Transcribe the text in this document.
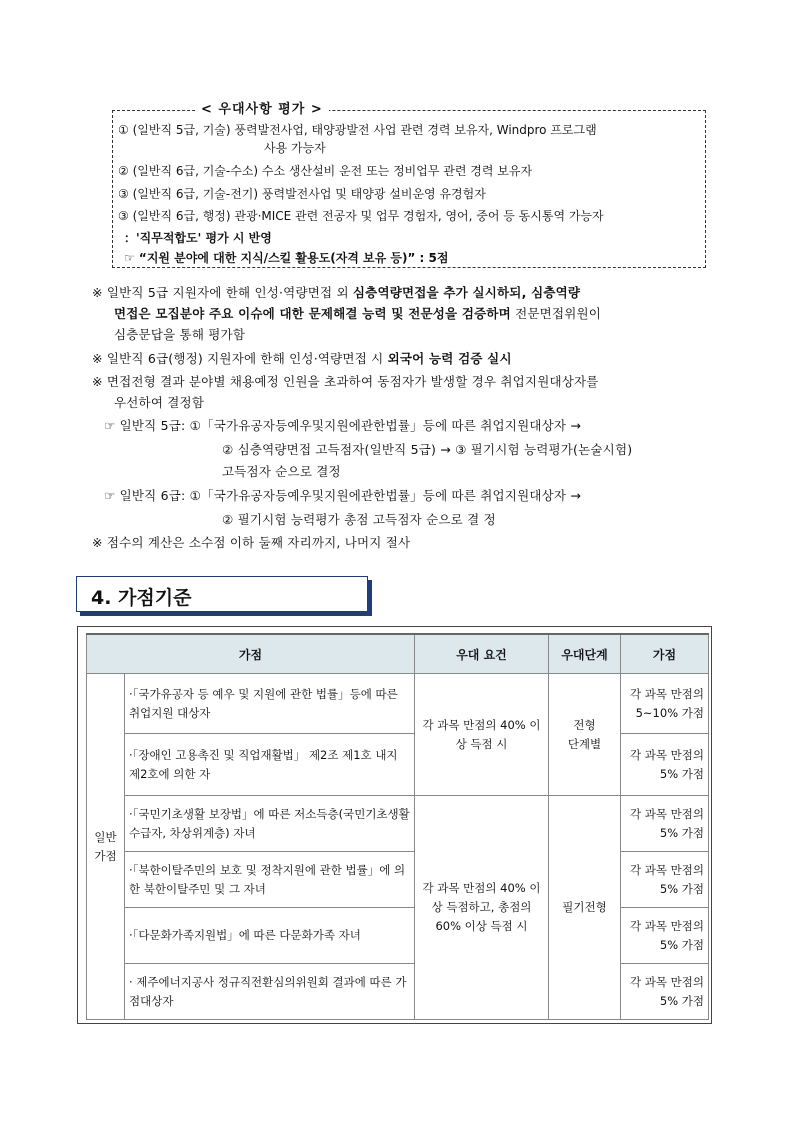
< 우대사항 평가 >
① (일반직 5급, 기술) 풍력발전사업, 태양광발전 사업 관련 경력 보유자, Windpro 프로그램
사용 가능자
② (일반직 6급, 기술-수소) 수소 생산설비 운전 또는 정비업무 관련 경력 보유자
③ (일반직 6급, 기술-전기) 풍력발전사업 및 태양광 설비운영 유경험자
③ (일반직 6급, 행정) 관광·MICE 관련 전공자 및 업무 경험자, 영어, 중어 등 동시통역 가능자
：'직무적합도' 평가 시 반영
☞ “지원 분야에 대한 지식/스킬 활용도(자격 보유 등)” : 5점
※ 일반직 5급 지원자에 한해 인성·역량면접 외 심층역량면접을 추가 실시하되, 심층역량
면접은 모집분야 주요 이슈에 대한 문제해결 능력 및 전문성을 검증하며 전문면접위원이
심층문답을 통해 평가함
※ 일반직 6급(행정) 지원자에 한해 인성·역량면접 시 외국어 능력 검증 실시
※ 면접전형 결과 분야별 채용예정 인원을 초과하여 동점자가 발생할 경우 취업지원대상자를
우선하여 결정함
☞ 일반직 5급: ①「국가유공자등예우및지원에관한법률」등에 따른 취업지원대상자 →
② 심층역량면접 고득점자(일반직 5급) → ③ 필기시험 능력평가(논술시험)
고득점자 순으로 결정
☞ 일반직 6급: ①「국가유공자등예우및지원에관한법률」등에 따른 취업지원대상자 →
② 필기시험 능력평가 총점 고득점자 순으로 결 정
※ 점수의 계산은 소수점 이하 둘째 자리까지, 나머지 절사
4. 가점기준
가점		우대 요건	우대단계	가점
일반가점	·「국가유공자 등 예우 및 지원에 관한 법률」등에 따른 취업지원 대상자	각 과목 만점의 40% 이상 득점 시	전형 단계별	각 과목 만점의 5~10% 가점
	·「장애인 고용촉진 및 직업재활법」 제2조 제1호 내지 제2호에 의한 자			각 과목 만점의 5% 가점
	·「국민기초생활 보장법」에 따른 저소득층(국민기초생활수급자, 차상위계층) 자녀	각 과목 만점의 40% 이상 득점하고, 총점의 60% 이상 득점 시	필기전형	각 과목 만점의 5% 가점
	·「북한이탈주민의 보호 및 정착지원에 관한 법률」에 의한 북한이탈주민 및 그 자녀			각 과목 만점의 5% 가점
	·「다문화가족지원법」에 따른 다문화가족 자녀			각 과목 만점의 5% 가점
	· 제주에너지공사 정규직전환심의위원회 결과에 따른 가점대상자			각 과목 만점의 5% 가점
